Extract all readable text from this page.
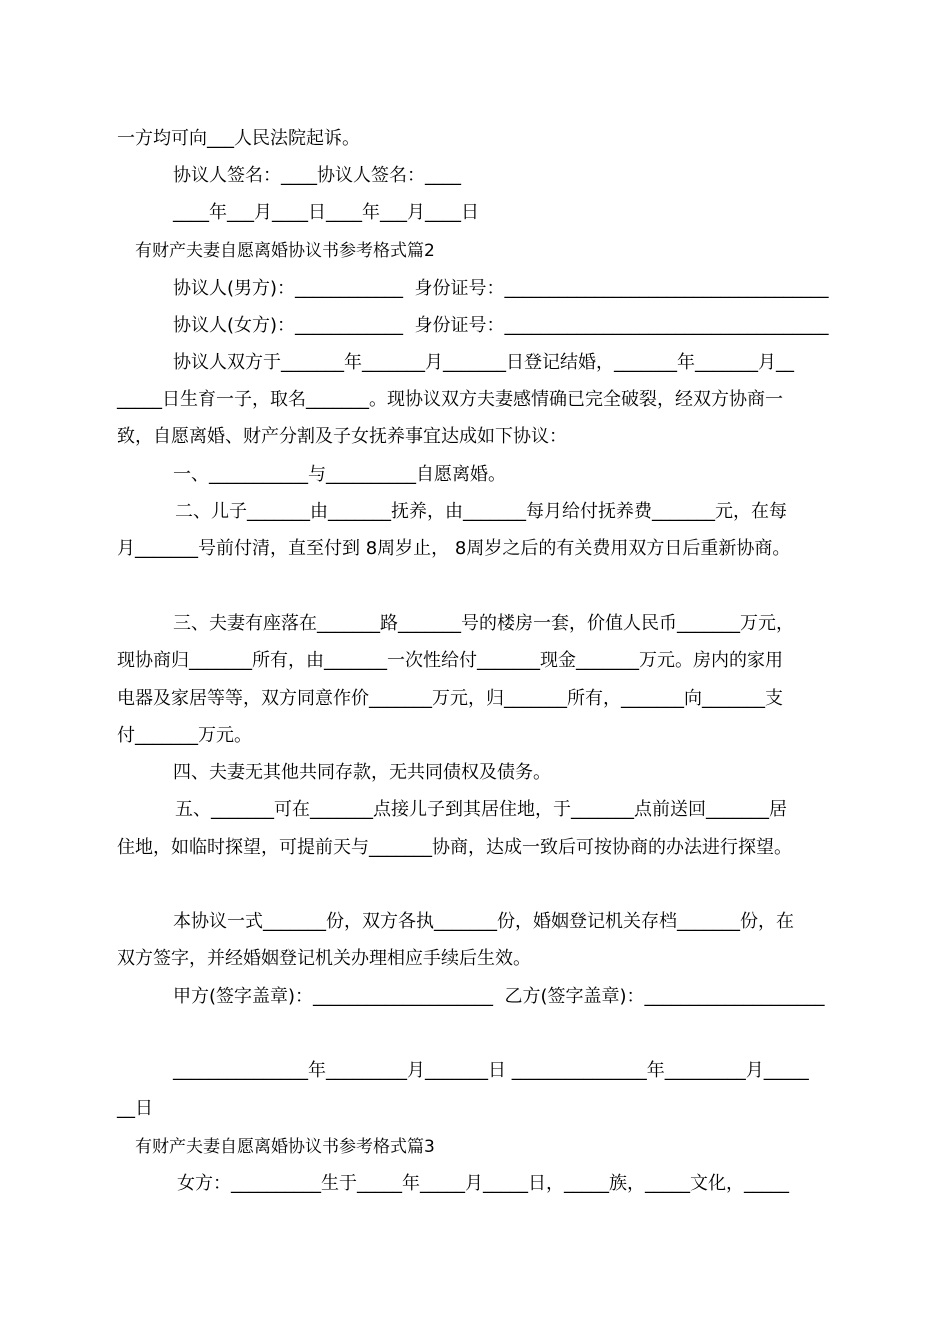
一方均可向___人民法院起诉。
协议人签名：____协议人签名：____
____年___月____日____年___月____日
有财产夫妻自愿离婚协议书参考格式篇2
协议人(男方)：____________  身份证号：____________________________________
协议人(女方)：____________  身份证号：____________________________________
协议人双方于_______年_______月_______日登记结婚，_______年_______月__
_____日生育一子，取名_______。现协议双方夫妻感情确已完全破裂，经双方协商一
致，自愿离婚、财产分割及子女抚养事宜达成如下协议：
一、___________与__________自愿离婚。
二、儿子_______由_______抚养，由_______每月给付抚养费_______元，在每
月_______号前付清，直至付到 8周岁止， 8周岁之后的有关费用双方日后重新协商。
三、夫妻有座落在_______路_______号的楼房一套，价值人民币_______万元，
现协商归_______所有，由_______一次性给付_______现金_______万元。房内的家用
电器及家居等等，双方同意作价_______万元，归_______所有，_______向_______支
付_______万元。
四、夫妻无其他共同存款，无共同债权及债务。
五、_______可在_______点接儿子到其居住地，于_______点前送回_______居
住地，如临时探望，可提前天与_______协商，达成一致后可按协商的办法进行探望。
本协议一式_______份，双方各执_______份，婚姻登记机关存档_______份，在
双方签字，并经婚姻登记机关办理相应手续后生效。
甲方(签字盖章)：____________________  乙方(签字盖章)：____________________
_______________年_________月_______日 _______________年_________月_____
__日
有财产夫妻自愿离婚协议书参考格式篇3
女方：__________生于_____年_____月_____日，_____族，_____文化，_____
